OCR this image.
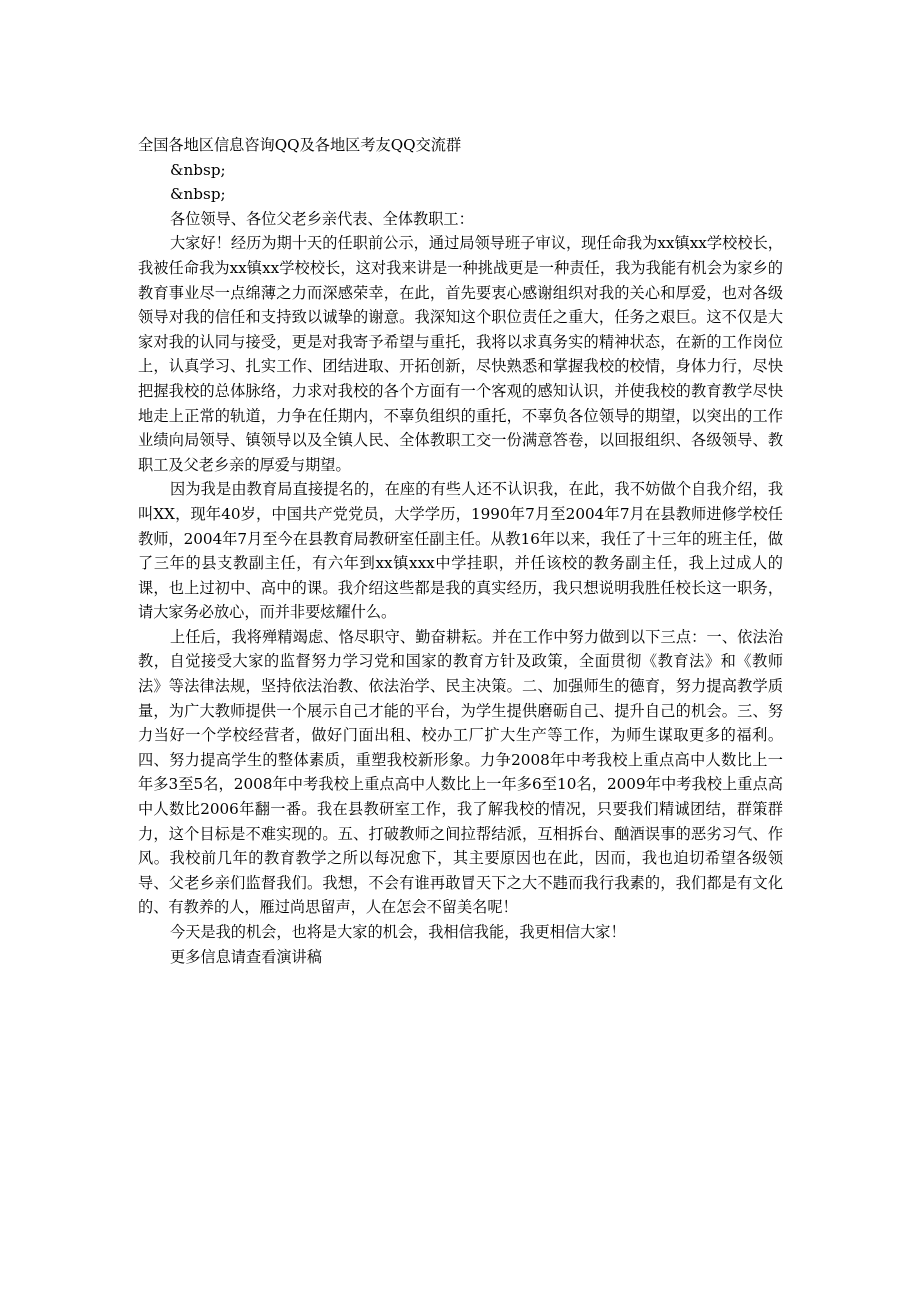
全国各地区信息咨询QQ及各地区考友QQ交流群

&nbsp;

&nbsp;

各位领导、各位父老乡亲代表、全体教职工：

大家好！经历为期十天的任职前公示，通过局领导班子审议，现任命我为xx镇xx学校校长，我被任命我为xx镇xx学校校长，这对我来讲是一种挑战更是一种责任，我为我能有机会为家乡的教育事业尽一点绵薄之力而深感荣幸，在此，首先要衷心感谢组织对我的关心和厚爱，也对各级领导对我的信任和支持致以诚挚的谢意。我深知这个职位责任之重大，任务之艰巨。这不仅是大家对我的认同与接受，更是对我寄予希望与重托，我将以求真务实的精神状态，在新的工作岗位上，认真学习、扎实工作、团结进取、开拓创新，尽快熟悉和掌握我校的校情，身体力行，尽快把握我校的总体脉络，力求对我校的各个方面有一个客观的感知认识，并使我校的教育教学尽快地走上正常的轨道，力争在任期内，不辜负组织的重托，不辜负各位领导的期望，以突出的工作业绩向局领导、镇领导以及全镇人民、全体教职工交一份满意答卷，以回报组织、各级领导、教职工及父老乡亲的厚爱与期望。

因为我是由教育局直接提名的，在座的有些人还不认识我，在此，我不妨做个自我介绍，我叫XX，现年40岁，中国共产党党员，大学学历，1990年7月至2004年7月在县教师进修学校任教师，2004年7月至今在县教育局教研室任副主任。从教16年以来，我任了十三年的班主任，做了三年的县支教副主任，有六年到xx镇xxx中学挂职，并任该校的教务副主任，我上过成人的课，也上过初中、高中的课。我介绍这些都是我的真实经历，我只想说明我胜任校长这一职务，请大家务必放心，而并非要炫耀什么。

上任后，我将殚精竭虑、恪尽职守、勤奋耕耘。并在工作中努力做到以下三点：一、依法治教，自觉接受大家的监督努力学习党和国家的教育方针及政策，全面贯彻《教育法》和《教师法》等法律法规，坚持依法治教、依法治学、民主决策。二、加强师生的德育，努力提高教学质量，为广大教师提供一个展示自己才能的平台，为学生提供磨砺自己、提升自己的机会。三、努力当好一个学校经营者，做好门面出租、校办工厂扩大生产等工作，为师生谋取更多的福利。四、努力提高学生的整体素质，重塑我校新形象。力争2008年中考我校上重点高中人数比上一年多3至5名，2008年中考我校上重点高中人数比上一年多6至10名，2009年中考我校上重点高中人数比2006年翻一番。我在县教研室工作，我了解我校的情况，只要我们精诚团结，群策群力，这个目标是不难实现的。五、打破教师之间拉帮结派，互相拆台、酗酒误事的恶劣习气、作风。我校前几年的教育教学之所以每况愈下，其主要原因也在此，因而，我也迫切希望各级领导、父老乡亲们监督我们。我想，不会有谁再敢冒天下之大不韪而我行我素的，我们都是有文化的、有教养的人，雁过尚思留声，人在怎会不留美名呢！

今天是我的机会，也将是大家的机会，我相信我能，我更相信大家！

更多信息请查看演讲稿
